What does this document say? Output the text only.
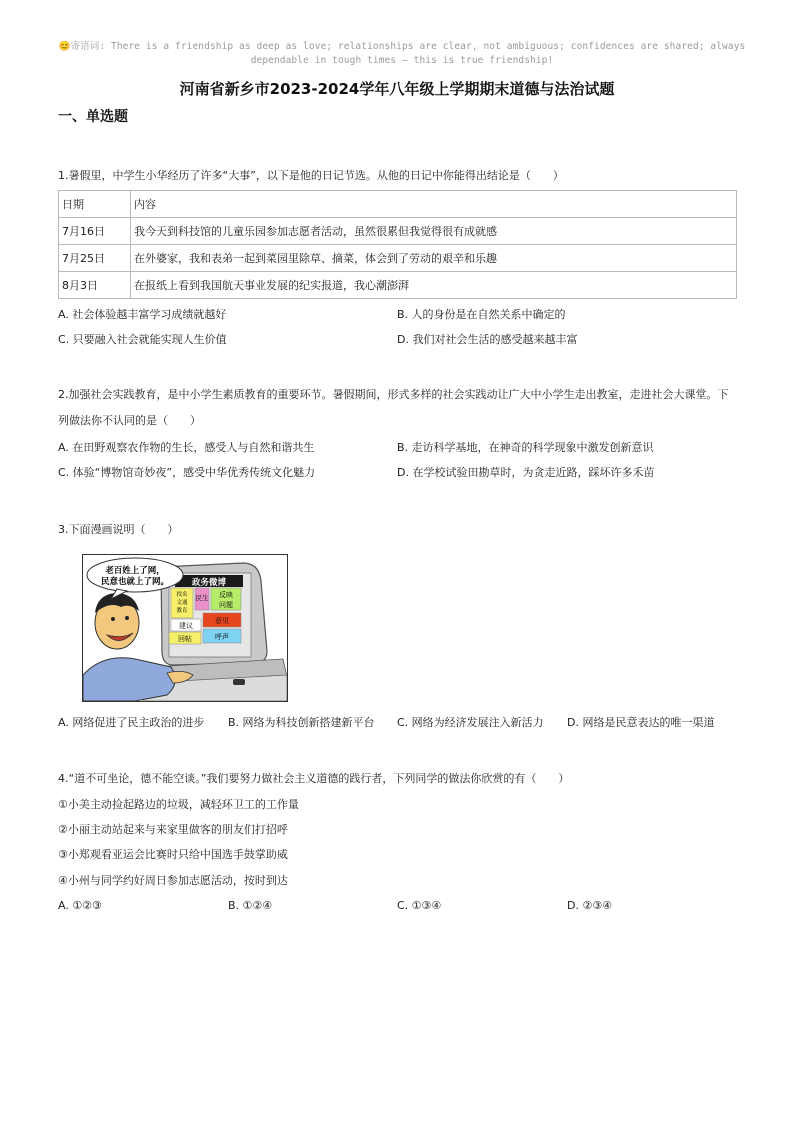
😊寄语词: There is a friendship as deep as love; relationships are clear, not ambiguous; confidences are shared; always dependable in tough times — this is true friendship!
河南省新乡市2023-2024学年八年级上学期期末道德与法治试题
一、单选题
1.暑假里，中学生小华经历了许多“大事”，以下是他的日记节选。从他的日记中你能得出结论是（　　）
日期	内容
7月16日	我今天到科技馆的儿童乐园参加志愿者活动，虽然很累但我觉得很有成就感
7月25日	在外婆家，我和表弟一起到菜园里除草、摘菜，体会到了劳动的艰辛和乐趣
8月3日	在报纸上看到我国航天事业发展的纪实报道，我心潮澎湃
A. 社会体验越丰富学习成绩就越好	B. 人的身份是在自然关系中确定的
C. 只要融入社会就能实现人生价值	D. 我们对社会生活的感受越来越丰富
2.加强社会实践教育，是中小学生素质教育的重要环节。暑假期间，形式多样的社会实践动让广大中小学生走出教室，走进社会大课堂。下列做法你不认同的是（　　）
A. 在田野观察农作物的生长，感受人与自然和谐共生	B. 走访科学基地，在神奇的科学现象中激发创新意识
C. 体验“博物馆奇妙夜”，感受中华优秀传统文化魅力	D. 在学校试验田勘草时，为贪走近路，踩坏许多禾苗
3.下面漫画说明（　　）
政务微博
找名
文通
教育
民生 反映
问题
建议
意见
回帖	呼声
老百姓上了网，
民意也就上了网。
A. 网络促进了民主政治的进步 B. 网络为科技创新搭建新平台 C. 网络为经济发展注入新活力 D. 网络是民意表达的唯一渠道
4.“道不可坐论，德不能空谈。”我们要努力做社会主义道德的践行者，下列同学的做法你欣赏的有（　　）
①小美主动捡起路边的垃圾，减轻环卫工的工作量
②小丽主动站起来与来家里做客的朋友们打招呼
③小郑观看亚运会比赛时只给中国选手鼓掌助威
④小州与同学约好周日参加志愿活动，按时到达
A. ①②③	B. ①②④	C. ①③④	D. ②③④
